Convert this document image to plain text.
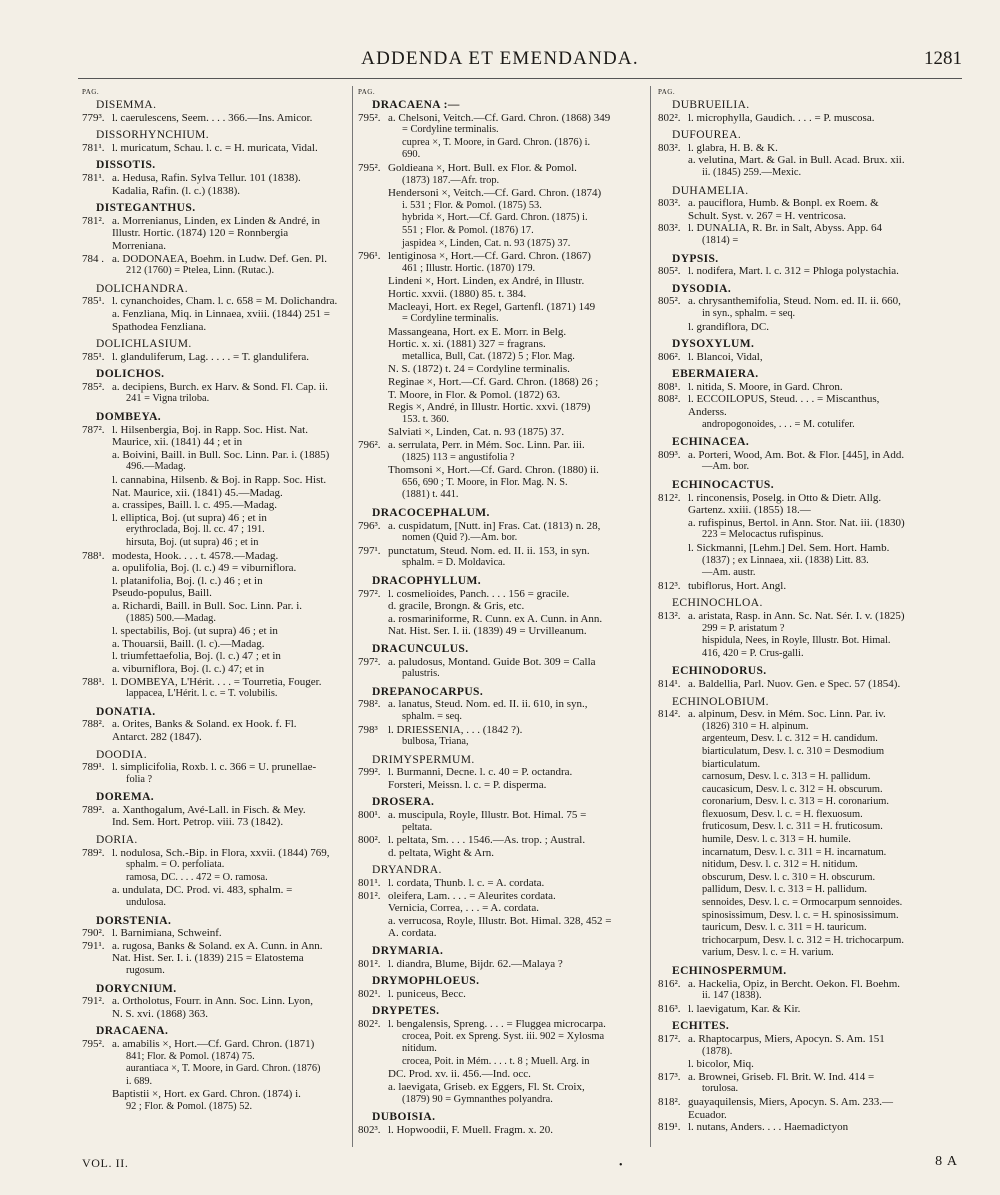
ADDENDA ET EMENDANDA.	1281
PAG.
DISEMMA.
779³. l. caerulescens, Seem. . . . 366.—Ins. Amicor.
DISSORHYNCHIUM.
781¹. l. muricatum, Schau. l. c. = H. muricata, Vidal.
DISSOTIS.
781¹. a. Hedusa, Rafin. Sylva Tellur. 101 (1838).
Kadalia, Rafin. (l. c.) (1838).
DISTEGANTHUS.
781². a. Morrenianus, Linden, ex Linden & André, in
Illustr. Hortic. (1874) 120 = Ronnbergia
Morreniana.
784 . a. DODONAEA, Boehm. in Ludw. Def. Gen. Pl.
212 (1760) = Ptelea, Linn. (Rutac.).
DOLICHANDRA.
785¹. l. cynanchoides, Cham. l. c. 658 = M. Dolichandra.
a. Fenzliana, Miq. in Linnaea, xviii. (1844) 251 =
Spathodea Fenzliana.
DOLICHLASIUM.
785¹. l. glanduliferum, Lag. . . . . = T. glandulifera.
DOLICHOS.
785². a. decipiens, Burch. ex Harv. & Sond. Fl. Cap. ii.
241 = Vigna triloba.
DOMBEYA.
787². l. Hilsenbergia, Boj. in Rapp. Soc. Hist. Nat.
Maurice, xii. (1841) 44 ; et in
a. Boivini, Baill. in Bull. Soc. Linn. Par. i. (1885)
496.—Madag.
l. cannabina, Hilsenb. & Boj. in Rapp. Soc. Hist.
Nat. Maurice, xii. (1841) 45.—Madag.
a. crassipes, Baill. l. c. 495.—Madag.
l. elliptica, Boj. (ut supra) 46 ; et in
erythroclada, Boj. ll. cc. 47 ; 191.
hirsuta, Boj. (ut supra) 46 ; et in
788¹. modesta, Hook. . . . t. 4578.—Madag.
a. opulifolia, Boj. (l. c.) 49 = viburniflora.
l. platanifolia, Boj. (l. c.) 46 ; et in
Pseudo-populus, Baill.
a. Richardi, Baill. in Bull. Soc. Linn. Par. i.
(1885) 500.—Madag.
l. spectabilis, Boj. (ut supra) 46 ; et in
a. Thouarsii, Baill. (l. c).—Madag.
l. triumfettaefolia, Boj. (l. c.) 47 ; et in
a. viburniflora, Boj. (l. c.) 47; et in
788¹. l. DOMBEYA, L'Hérit. . . . = Tourretia, Fouger.
lappacea, L'Hérit. l. c. = T. volubilis.
DONATIA.
788². a. Orites, Banks & Soland. ex Hook. f. Fl.
Antarct. 282 (1847).
DOODIA.
789¹. l. simplicifolia, Roxb. l. c. 366 = U. prunellae-
folia ?
DOREMA.
789². a. Xanthogalum, Avé-Lall. in Fisch. & Mey.
Ind. Sem. Hort. Petrop. viii. 73 (1842).
DORIA.
789². l. nodulosa, Sch.-Bip. in Flora, xxvii. (1844) 769,
sphalm. = O. perfoliata.
ramosa, DC. . . . 472 = O. ramosa.
a. undulata, DC. Prod. vi. 483, sphalm. =
undulosa.
DORSTENIA.
790². l. Barnimiana, Schweinf.
791¹. a. rugosa, Banks & Soland. ex A. Cunn. in Ann.
Nat. Hist. Ser. I. i. (1839) 215 = Elatostema
rugosum.
DORYCNIUM.
791². a. Ortholotus, Fourr. in Ann. Soc. Linn. Lyon,
N. S. xvi. (1868) 363.
DRACAENA.
795². a. amabilis ×, Hort.—Cf. Gard. Chron. (1871)
841; Flor. & Pomol. (1874) 75.
aurantiaca ×, T. Moore, in Gard. Chron. (1876)
i. 689.
Baptistii ×, Hort. ex Gard. Chron. (1874) i.
92 ; Flor. & Pomol. (1875) 52.
PAG.
DRACAENA :—
795². a. Chelsoni, Veitch.—Cf. Gard. Chron. (1868) 349
= Cordyline terminalis.
cuprea ×, T. Moore, in Gard. Chron. (1876) i.
690.
795². Goldieana ×, Hort. Bull. ex Flor. & Pomol.
(1873) 187.—Afr. trop.
Hendersoni ×, Veitch.—Cf. Gard. Chron. (1874)
i. 531 ; Flor. & Pomol. (1875) 53.
hybrida ×, Hort.—Cf. Gard. Chron. (1875) i.
551 ; Flor. & Pomol. (1876) 17.
jaspidea ×, Linden, Cat. n. 93 (1875) 37.
796¹. lentiginosa ×, Hort.—Cf. Gard. Chron. (1867)
461 ; Illustr. Hortic. (1870) 179.
Lindeni ×, Hort. Linden, ex André, in Illustr.
Hortic. xxvii. (1880) 85. t. 384.
Macleayi, Hort. ex Regel, Gartenfl. (1871) 149
= Cordyline terminalis.
Massangeana, Hort. ex E. Morr. in Belg.
Hortic. x. xi. (1881) 327 = fragrans.
metallica, Bull, Cat. (1872) 5 ; Flor. Mag.
N. S. (1872) t. 24 = Cordyline terminalis.
Reginae ×, Hort.—Cf. Gard. Chron. (1868) 26 ;
T. Moore, in Flor. & Pomol. (1872) 63.
Regis ×, André, in Illustr. Hortic. xxvi. (1879)
153. t. 360.
Salviati ×, Linden, Cat. n. 93 (1875) 37.
796². a. serrulata, Perr. in Mém. Soc. Linn. Par. iii.
(1825) 113 = angustifolia ?
Thomsoni ×, Hort.—Cf. Gard. Chron. (1880) ii.
656, 690 ; T. Moore, in Flor. Mag. N. S.
(1881) t. 441.
DRACOCEPHALUM.
796³. a. cuspidatum, [Nutt. in] Fras. Cat. (1813) n. 28,
nomen (Quid ?).—Am. bor.
797¹. punctatum, Steud. Nom. ed. II. ii. 153, in syn.
sphalm. = D. Moldavica.
DRACOPHYLLUM.
797². l. cosmelioides, Panch. . . . 156 = gracile.
d. gracile, Brongn. & Gris, etc.
a. rosmariniforme, R. Cunn. ex A. Cunn. in Ann.
Nat. Hist. Ser. I. ii. (1839) 49 = Urvilleanum.
DRACUNCULUS.
797². a. paludosus, Montand. Guide Bot. 309 = Calla
palustris.
DREPANOCARPUS.
798². a. lanatus, Steud. Nom. ed. II. ii. 610, in syn.,
sphalm. = seq.
798³ l. DRIESSENIA, . . . (1842 ?).
bulbosa, Triana,
DRIMYSPERMUM.
799². l. Burmanni, Decne. l. c. 40 = P. octandra.
Forsteri, Meissn. l. c. = P. disperma.
DROSERA.
800¹. a. muscipula, Royle, Illustr. Bot. Himal. 75 =
peltata.
800². l. peltata, Sm. . . . 1546.—As. trop. ; Austral.
d. peltata, Wight & Arn.
DRYANDRA.
801¹. l. cordata, Thunb. l. c. = A. cordata.
801². oleifera, Lam. . . . = Aleurites cordata.
Vernicia, Correa, . . . = A. cordata.
a. verrucosa, Royle, Illustr. Bot. Himal. 328, 452 =
A. cordata.
DRYMARIA.
801². l. diandra, Blume, Bijdr. 62.—Malaya ?
DRYMOPHLOEUS.
802¹. l. puniceus, Becc.
DRYPETES.
802². l. bengalensis, Spreng. . . . = Fluggea microcarpa.
crocea, Poit. ex Spreng. Syst. iii. 902 = Xylosma
nitidum.
crocea, Poit. in Mém. . . . t. 8 ; Muell. Arg. in
DC. Prod. xv. ii. 456.—Ind. occ.
a. laevigata, Griseb. ex Eggers, Fl. St. Croix,
(1879) 90 = Gymnanthes polyandra.
DUBOISIA.
802³. l. Hopwoodii, F. Muell. Fragm. x. 20.
PAG.
DUBRUEILIA.
802². l. microphylla, Gaudich. . . . = P. muscosa.
DUFOUREA.
803². l. glabra, H. B. & K.
a. velutina, Mart. & Gal. in Bull. Acad. Brux. xii.
ii. (1845) 259.—Mexic.
DUHAMELIA.
803². a. pauciflora, Humb. & Bonpl. ex Roem. &
Schult. Syst. v. 267 = H. ventricosa.
803². l. DUNALIA, R. Br. in Salt, Abyss. App. 64
(1814) =
DYPSIS.
805². l. nodifera, Mart. l. c. 312 = Phloga polystachia.
DYSODIA.
805². a. chrysanthemifolia, Steud. Nom. ed. II. ii. 660,
in syn., sphalm. = seq.
l. grandiflora, DC.
DYSOXYLUM.
806². l. Blancoi, Vidal,
EBERMAIERA.
808¹. l. nitida, S. Moore, in Gard. Chron.
808². l. ECCOILOPUS, Steud. . . . = Miscanthus,
Anderss.
andropogonoides, . . . = M. cotulifer.
ECHINACEA.
809³. a. Porteri, Wood, Am. Bot. & Flor. [445], in Add.
—Am. bor.
ECHINOCACTUS.
812². l. rinconensis, Poselg. in Otto & Dietr. Allg.
Gartenz. xxiii. (1855) 18.—
a. rufispinus, Bertol. in Ann. Stor. Nat. iii. (1830)
223 = Melocactus rufispinus.
l. Sickmanni, [Lehm.] Del. Sem. Hort. Hamb.
(1837) ; ex Linnaea, xii. (1838) Litt. 83.
—Am. austr.
812³. tubiflorus, Hort. Angl.
ECHINOCHLOA.
813². a. aristata, Rasp. in Ann. Sc. Nat. Sér. I. v. (1825)
299 = P. aristatum ?
hispidula, Nees, in Royle, Illustr. Bot. Himal.
416, 420 = P. Crus-galli.
ECHINODORUS.
814¹. a. Baldellia, Parl. Nuov. Gen. e Spec. 57 (1854).
ECHINOLOBIUM.
814². a. alpinum, Desv. in Mém. Soc. Linn. Par. iv.
(1826) 310 = H. alpinum.
argenteum, Desv. l. c. 312 = H. candidum.
biarticulatum, Desv. l. c. 310 = Desmodium
biarticulatum.
carnosum, Desv. l. c. 313 = H. pallidum.
caucasicum, Desv. l. c. 312 = H. obscurum.
coronarium, Desv. l. c. 313 = H. coronarium.
flexuosum, Desv. l. c. = H. flexuosum.
fruticosum, Desv. l. c. 311 = H. fruticosum.
humile, Desv. l. c. 313 = H. humile.
incarnatum, Desv. l. c. 311 = H. incarnatum.
nitidum, Desv. l. c. 312 = H. nitidum.
obscurum, Desv. l. c. 310 = H. obscurum.
pallidum, Desv. l. c. 313 = H. pallidum.
sennoides, Desv. l. c. = Ormocarpum sennoides.
spinosissimum, Desv. l. c. = H. spinosissimum.
tauricum, Desv. l. c. 311 = H. tauricum.
trichocarpum, Desv. l. c. 312 = H. trichocarpum.
varium, Desv. l. c. = H. varium.
ECHINOSPERMUM.
816². a. Hackelia, Opiz, in Bercht. Oekon. Fl. Boehm.
ii. 147 (1838).
816³. l. laevigatum, Kar. & Kir.
ECHITES.
817². a. Rhaptocarpus, Miers, Apocyn. S. Am. 151
(1878).
l. bicolor, Miq.
817³. a. Brownei, Griseb. Fl. Brit. W. Ind. 414 =
torulosa.
818². guayaquilensis, Miers, Apocyn. S. Am. 233.—
Ecuador.
819¹. l. nutans, Anders. . . . Haemadictyon
VOL. II.	•	8 A
